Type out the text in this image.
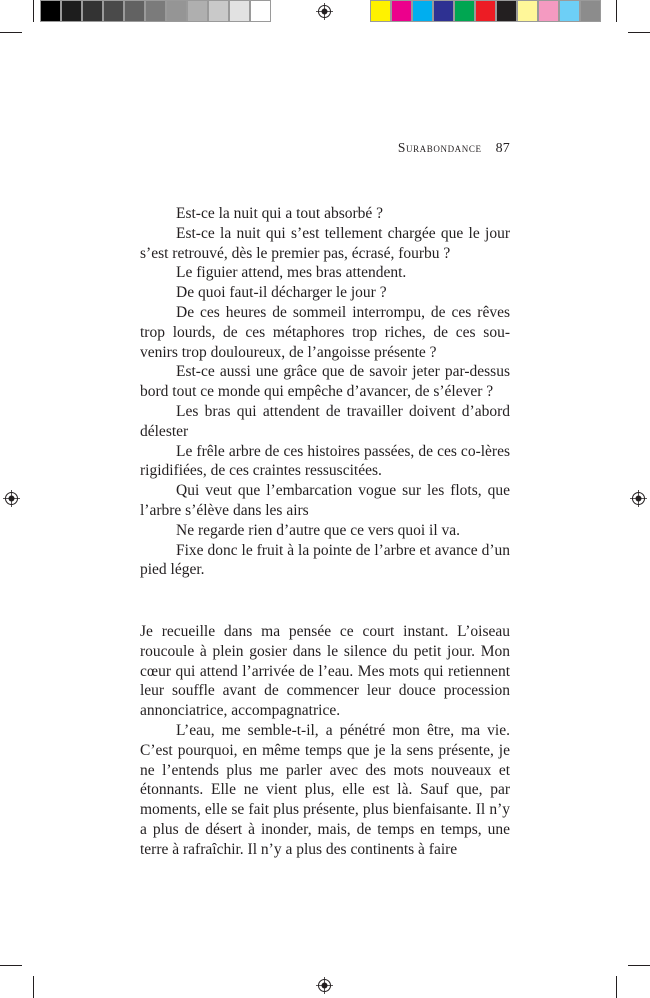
Surabondance 87

Est-ce la nuit qui a tout absorbé ?

Est-ce la nuit qui s’est tellement chargée que le jour s’est retrouvé, dès le premier pas, écrasé, fourbu ?

Le figuier attend, mes bras attendent.

De quoi faut-il décharger le jour ?

De ces heures de sommeil interrompu, de ces rêves trop lourds, de ces métaphores trop riches, de ces sou-venirs trop douloureux, de l’angoisse présente ?

Est-ce aussi une grâce que de savoir jeter par-dessus bord tout ce monde qui empêche d’avancer, de s’élever ?

Les bras qui attendent de travailler doivent d’abord délester

Le frêle arbre de ces histoires passées, de ces co-lères rigidifiées, de ces craintes ressuscitées.

Qui veut que l’embarcation vogue sur les flots, que l’arbre s’élève dans les airs

Ne regarde rien d’autre que ce vers quoi il va.

Fixe donc le fruit à la pointe de l’arbre et avance d’un pied léger.

Je recueille dans ma pensée ce court instant. L’oiseau roucoule à plein gosier dans le silence du petit jour. Mon cœur qui attend l’arrivée de l’eau. Mes mots qui retiennent leur souffle avant de commencer leur douce procession annonciatrice, accompagnatrice.

L’eau, me semble-t-il, a pénétré mon être, ma vie. C’est pourquoi, en même temps que je la sens présente, je ne l’entends plus me parler avec des mots nouveaux et étonnants. Elle ne vient plus, elle est là. Sauf que, par moments, elle se fait plus présente, plus bienfaisante. Il n’y a plus de désert à inonder, mais, de temps en temps, une terre à rafraîchir. Il n’y a plus des continents à faire
